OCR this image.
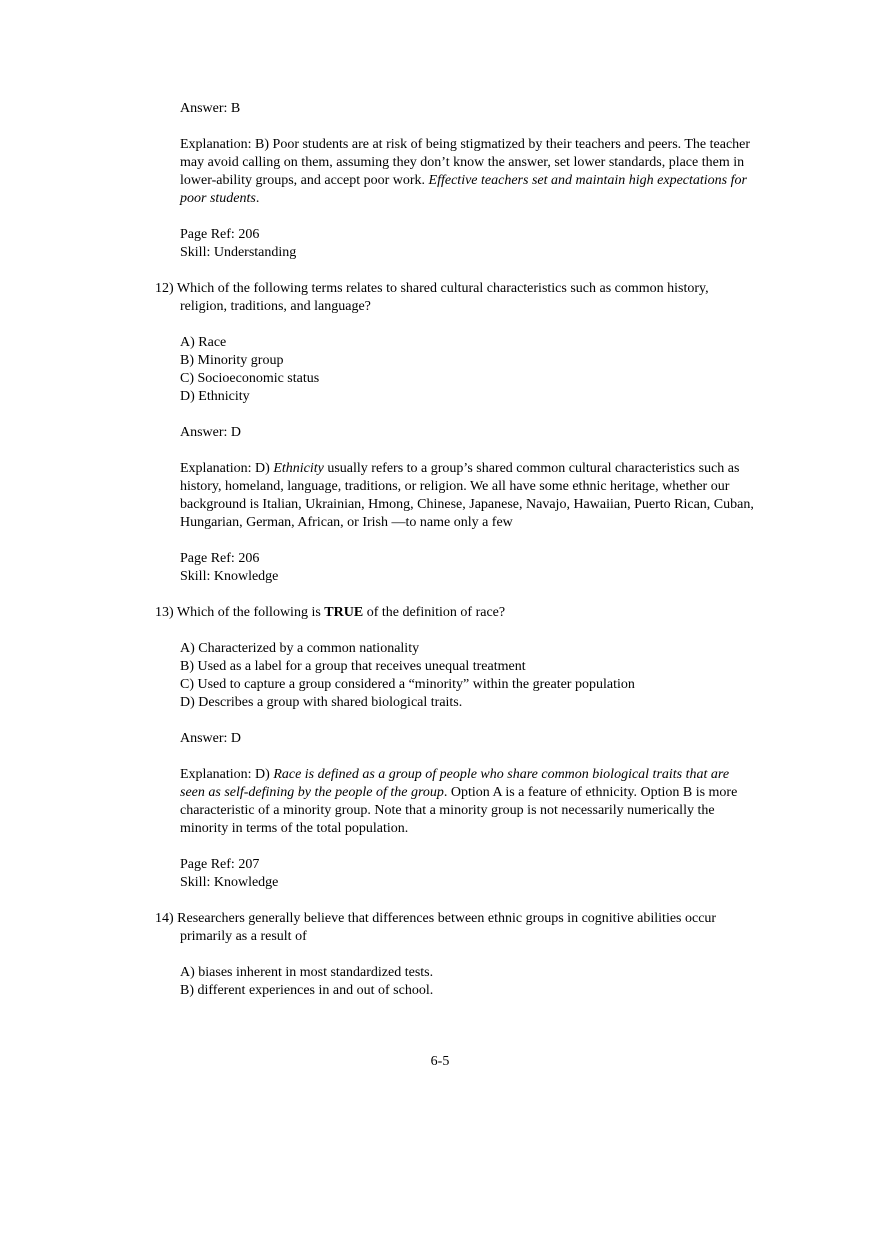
Answer: B

Explanation: B) Poor students are at risk of being stigmatized by their teachers and peers. The teacher may avoid calling on them, assuming they don’t know the answer, set lower standards, place them in lower-ability groups, and accept poor work. Effective teachers set and maintain high expectations for poor students.

Page Ref: 206

Skill: Understanding

12) Which of the following terms relates to shared cultural characteristics such as common history, religion, traditions, and language?

A) Race

B) Minority group

C) Socioeconomic status

D) Ethnicity

Answer: D

Explanation: D) Ethnicity usually refers to a group’s shared common cultural characteristics such as history, homeland, language, traditions, or religion. We all have some ethnic heritage, whether our background is Italian, Ukrainian, Hmong, Chinese, Japanese, Navajo, Hawaiian, Puerto Rican, Cuban, Hungarian, German, African, or Irish —to name only a few

Page Ref: 206

Skill: Knowledge

13) Which of the following is TRUE of the definition of race?

A) Characterized by a common nationality

B) Used as a label for a group that receives unequal treatment

C) Used to capture a group considered a “minority” within the greater population

D) Describes a group with shared biological traits.

Answer: D

Explanation: D) Race is defined as a group of people who share common biological traits that are seen as self-defining by the people of the group. Option A is a feature of ethnicity. Option B is more characteristic of a minority group. Note that a minority group is not necessarily numerically the minority in terms of the total population.

Page Ref: 207

Skill: Knowledge

14) Researchers generally believe that differences between ethnic groups in cognitive abilities occur primarily as a result of

A) biases inherent in most standardized tests.

B) different experiences in and out of school.

6-5
